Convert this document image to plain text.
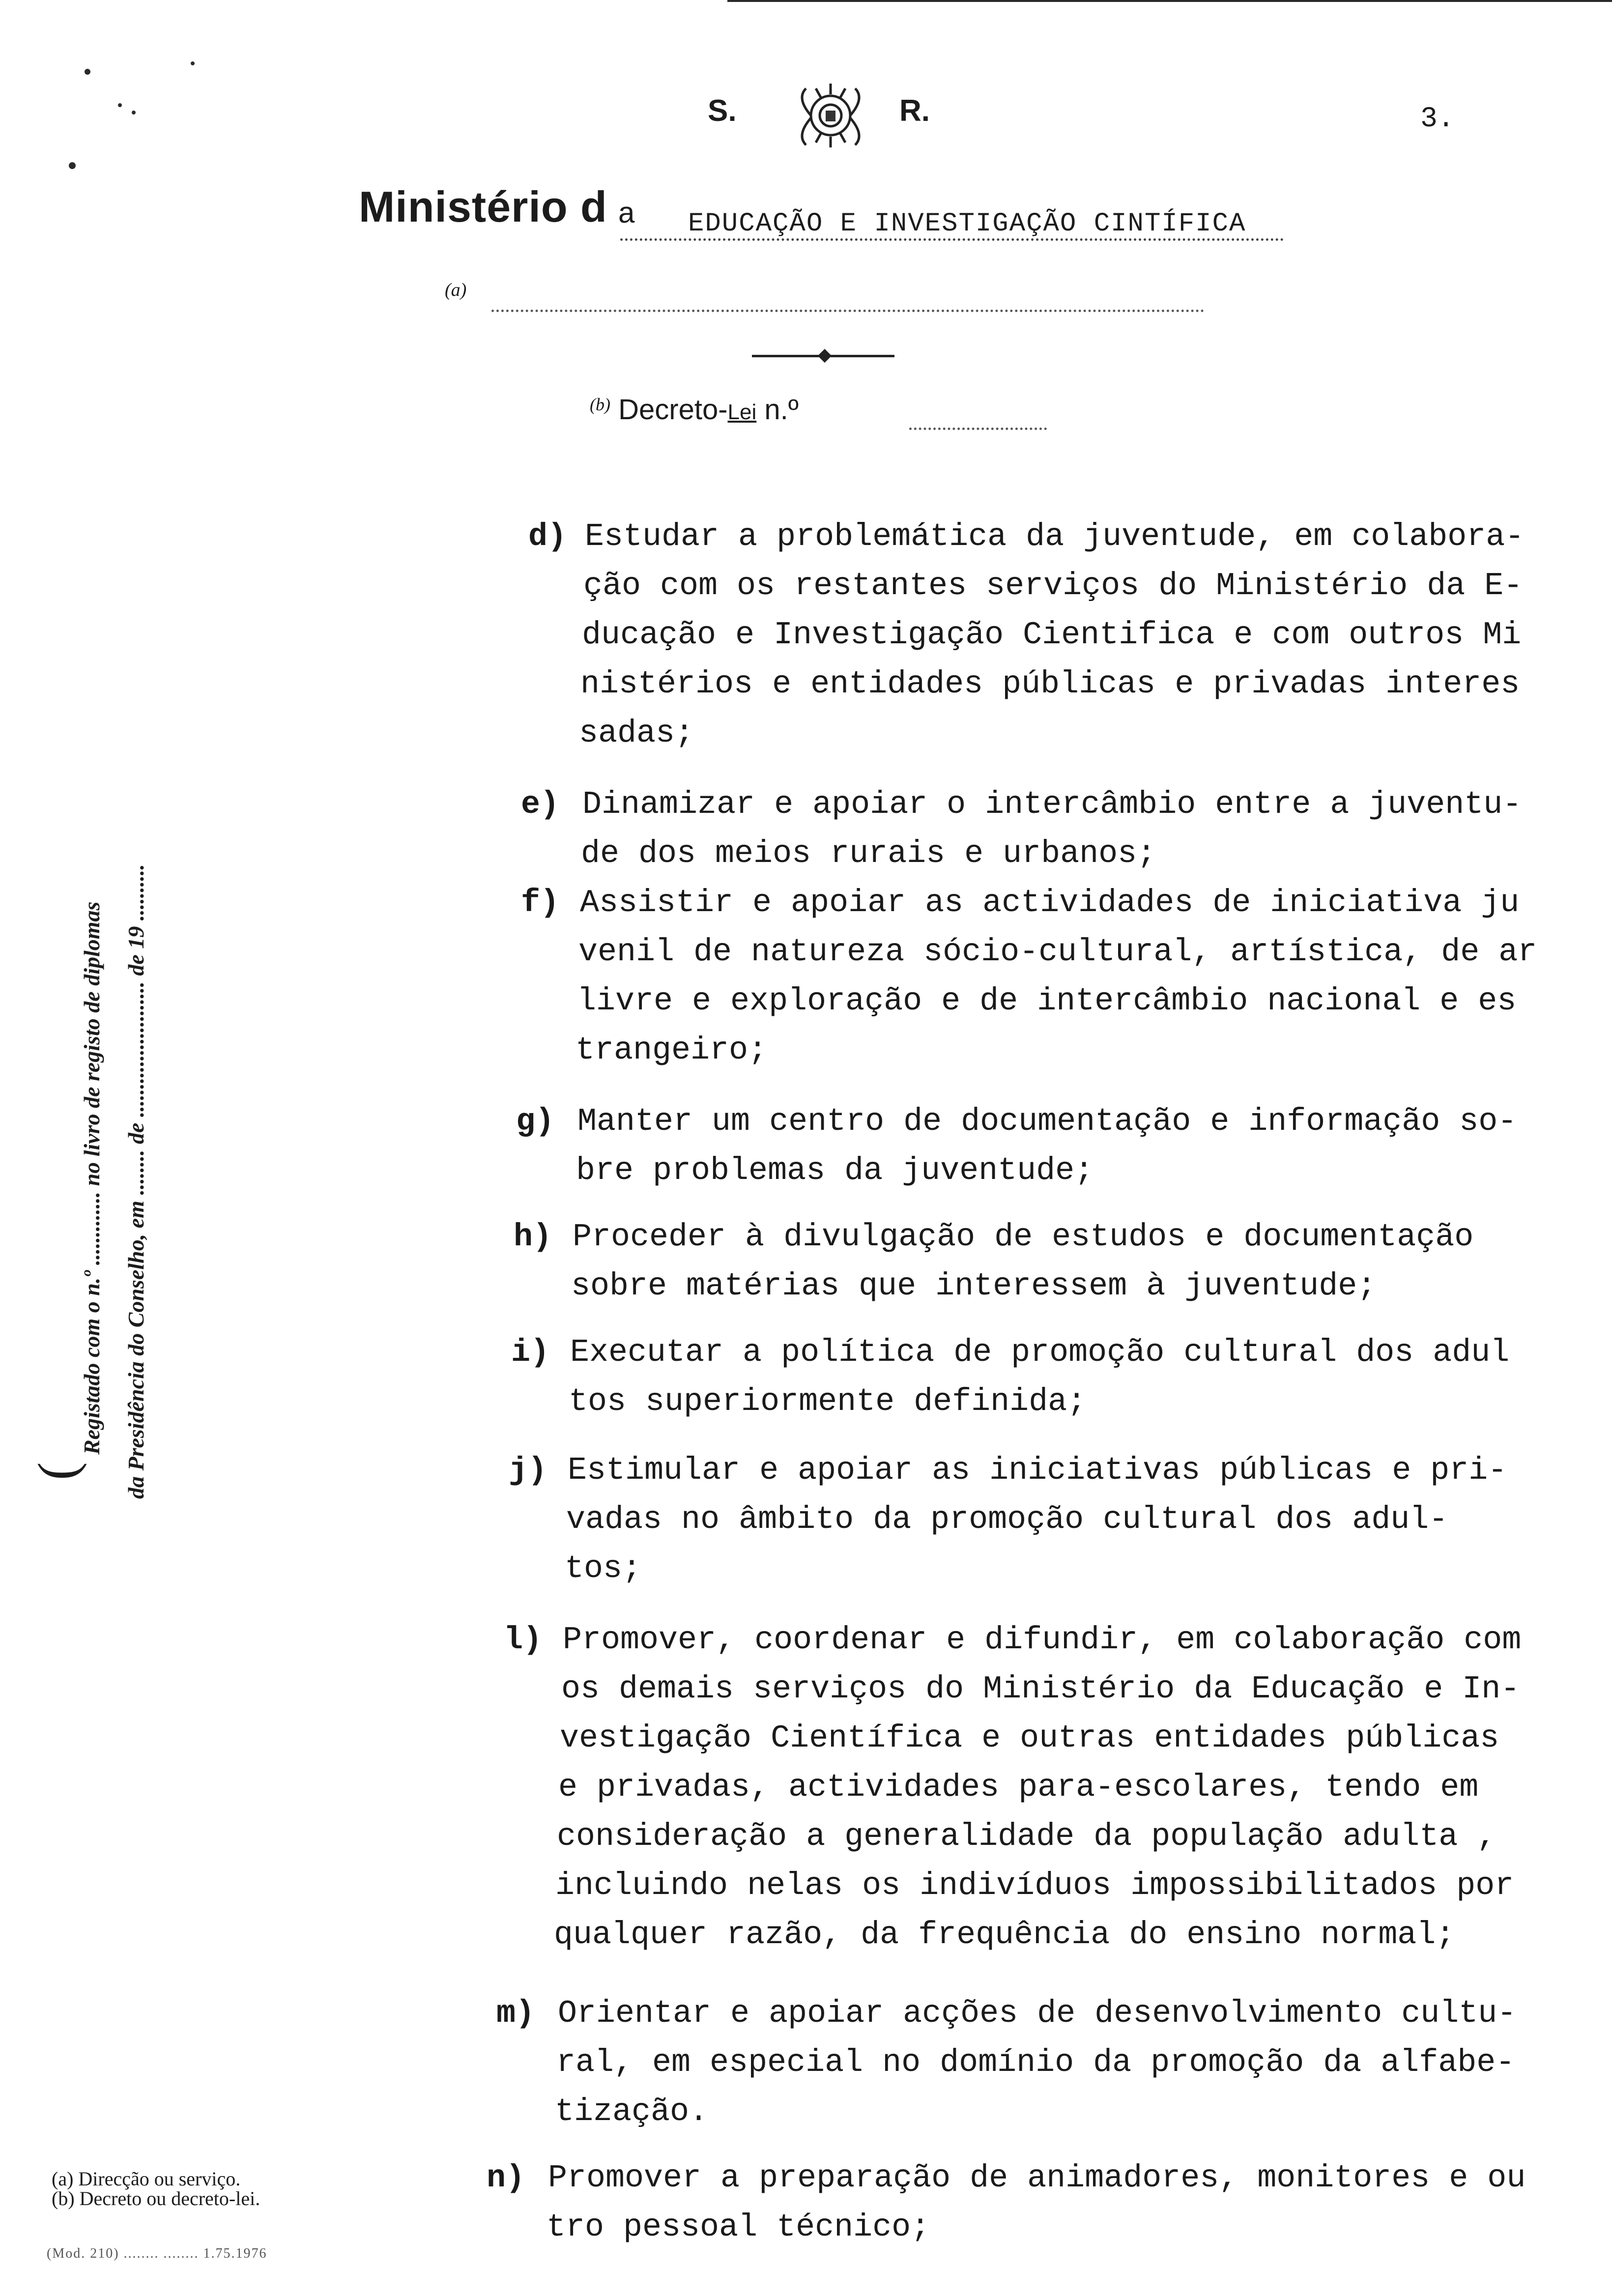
S.	R.	3.
Ministério d a EDUCAÇÃO E INVESTIGAÇÃO CINTÍFICA
(a)
$^{(b)}$ Decreto-Lei n.º
d) Estudar a problemática da juventude, em colabora-
ção com os restantes serviços do Ministério da E-
ducação e Investigação Cientifica e com outros Mi
nistérios e entidades públicas e privadas interes
sadas;
e) Dinamizar e apoiar o intercâmbio entre a juventu-
de dos meios rurais e urbanos;
f) Assistir e apoiar as actividades de iniciativa ju
venil de natureza sócio-cultural, artística, de ar
livre e exploração e de intercâmbio nacional e es
trangeiro;
g) Manter um centro de documentação e informação so-
bre problemas da juventude;
h) Proceder à divulgação de estudos e documentação
sobre matérias que interessem à juventude;
i) Executar a política de promoção cultural dos adul
tos superiormente definida;
j) Estimular e apoiar as iniciativas públicas e pri-
vadas no âmbito da promoção cultural dos adul-
tos;
l) Promover, coordenar e difundir, em colaboração com
os demais serviços do Ministério da Educação e In-
vestigação Científica e outras entidades públicas
e privadas, actividades para-escolares, tendo em
consideração a generalidade da população adulta ,
incluindo nelas os indivíduos impossibilitados por
qualquer razão, da frequência do ensino normal;
m) Orientar e apoiar acções de desenvolvimento cultu-
ral, em especial no domínio da promoção da alfabe-
tização.
n) Promover a preparação de animadores, monitores e ou
tro pessoal técnico;
(
Registado com o n.º ............. no livro de registo de diplomas da Presidência do Conselho, em ........ de ........................ de 19 ..........
(a) Direcção ou serviço.
(b) Decreto ou decreto-lei.
(Mod. 210) ........ ........ 1.75.1976
